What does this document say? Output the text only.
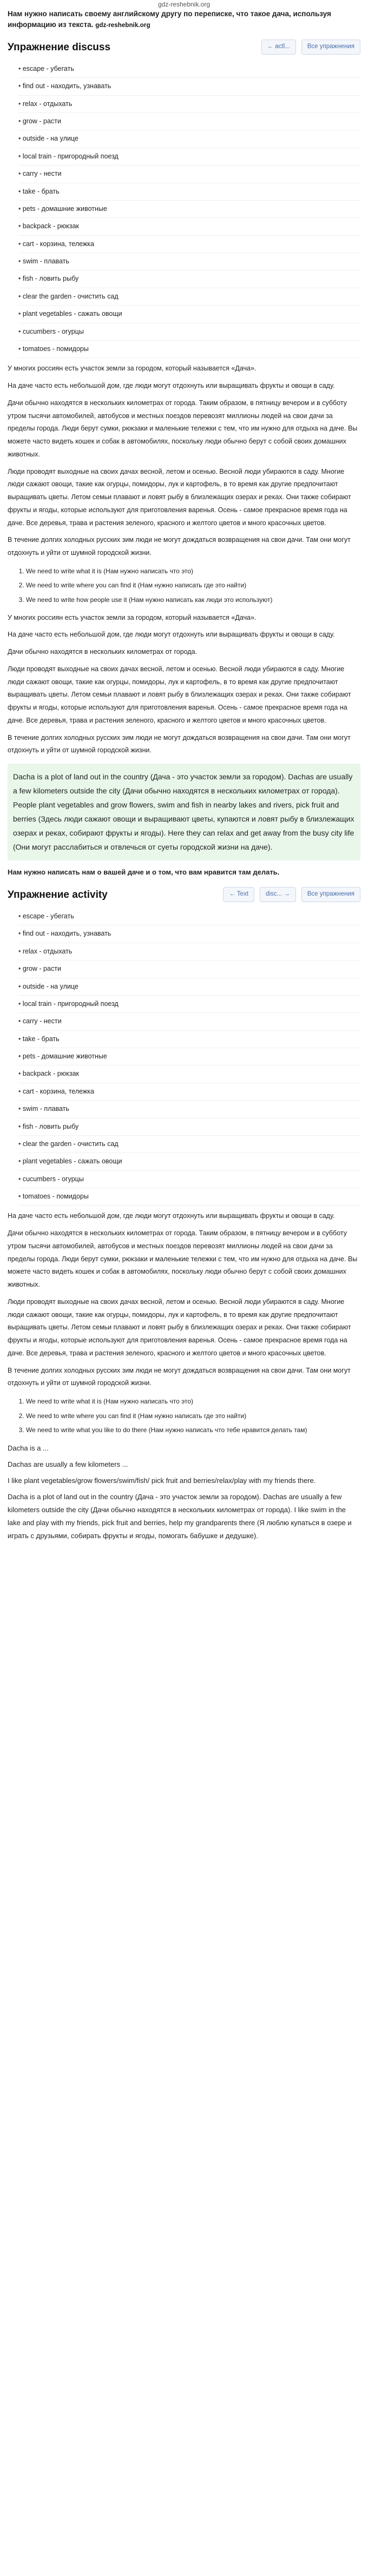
gdz-reshebnik.org

Нам нужно написать своему английскому другу по переписке, что такое дача, используя информацию из текста. gdz-reshebnik.org

Упражнение discuss	← actl...	Все упражнения
• escape - убегать
• find out - находить, узнавать
• relax - отдыхать
• grow - расти
• outside - на улице
• local train - пригородный поезд
• carry - нести
• take - брать
• pets - домашние животные
• backpack - рюкзак
• cart - корзина, тележка
• swim - плавать
• fish - ловить рыбу
• clear the garden - очистить сад
• plant vegetables - сажать овощи
• cucumbers - огурцы
• tomatoes - помидоры

У многих россиян есть участок земли за городом, который называется «Дача».

На даче часто есть небольшой дом, где люди могут отдохнуть или выращивать фрукты и овощи в саду.

Дачи обычно находятся в нескольких километрах от города. Таким образом, в пятницу вечером и в субботу утром тысячи автомобилей, автобусов и местных поездов перевозят миллионы людей на свои дачи за пределы города. Люди берут сумки, рюкзаки и маленькие тележки с тем, что им нужно для отдыха на даче. Вы можете часто видеть кошек и собак в автомобилях, поскольку люди обычно берут с собой своих домашних животных.

Люди проводят выходные на своих дачах весной, летом и осенью. Весной люди убираются в саду. Многие люди сажают овощи, такие как огурцы, помидоры, лук и картофель, в то время как другие предпочитают выращивать цветы. Летом семьи плавают и ловят рыбу в близлежащих озерах и реках. Они также собирают фрукты и ягоды, которые используют для приготовления варенья. Осень - самое прекрасное время года на даче. Все деревья, трава и растения зеленого, красного и желтого цветов и много красочных цветов.

В течение долгих холодных русских зим люди не могут дождаться возвращения на свои дачи. Там они могут отдохнуть и уйти от шумной городской жизни.

1. We need to write what it is (Нам нужно написать что это)
2. We need to write where you can find it (Нам нужно написать где это найти)
3. We need to write how people use it (Нам нужно написать как люди это используют)

У многих россиян есть участок земли за городом, который называется «Дача».

На даче часто есть небольшой дом, где люди могут отдохнуть или выращивать фрукты и овощи в саду.

Дачи обычно находятся в нескольких километрах от города.

Люди проводят выходные на своих дачах весной, летом и осенью. Весной люди убираются в саду. Многие люди сажают овощи, такие как огурцы, помидоры, лук и картофель, в то время как другие предпочитают выращивать цветы. Летом семьи плавают и ловят рыбу в близлежащих озерах и реках. Они также собирают фрукты и ягоды, которые используют для приготовления варенья. Осень - самое прекрасное время года на даче. Все деревья, трава и растения зеленого, красного и желтого цветов и много красочных цветов.

В течение долгих холодных русских зим люди не могут дождаться возвращения на свои дачи. Там они могут отдохнуть и уйти от шумной городской жизни.

Dacha is a plot of land out in the country (Дача - это участок земли за городом). Dachas are usually a few kilometers outside the city (Дачи обычно находятся в нескольких километрах от города). People plant vegetables and grow flowers, swim and fish in nearby lakes and rivers, pick fruit and berries (Здесь люди сажают овощи и выращивают цветы, купаются и ловят рыбу в близлежащих озерах и реках, собирают фрукты и ягоды). Here they can relax and get away from the busy city life (Они могут расслабиться и отвлечься от суеты городской жизни на даче).

Нам нужно написать нам о вашей даче и о том, что вам нравится там делать.

Упражнение activity	← Text	disc... →	Все упражнения
• escape - убегать
• find out - находить, узнавать
• relax - отдыхать
• grow - расти
• outside - на улице
• local train - пригородный поезд
• carry - нести
• take - брать
• pets - домашние животные
• backpack - рюкзак
• cart - корзина, тележка
• swim - плавать
• fish - ловить рыбу
• clear the garden - очистить сад
• plant vegetables - сажать овощи
• cucumbers - огурцы
• tomatoes - помидоры

На даче часто есть небольшой дом, где люди могут отдохнуть или выращивать фрукты и овощи в саду.

Дачи обычно находятся в нескольких километрах от города. Таким образом, в пятницу вечером и в субботу утром тысячи автомобилей, автобусов и местных поездов перевозят миллионы людей на свои дачи за пределы города. Люди берут сумки, рюкзаки и маленькие тележки с тем, что им нужно для отдыха на даче. Вы можете часто видеть кошек и собак в автомобилях, поскольку люди обычно берут с собой своих домашних животных.

Люди проводят выходные на своих дачах весной, летом и осенью. Весной люди убираются в саду. Многие люди сажают овощи, такие как огурцы, помидоры, лук и картофель, в то время как другие предпочитают выращивать цветы. Летом семьи плавают и ловят рыбу в близлежащих озерах и реках. Они также собирают фрукты и ягоды, которые используют для приготовления варенья. Осень - самое прекрасное время года на даче. Все деревья, трава и растения зеленого, красного и желтого цветов и много красочных цветов.

В течение долгих холодных русских зим люди не могут дождаться возвращения на свои дачи. Там они могут отдохнуть и уйти от шумной городской жизни.

1. We need to write what it is (Нам нужно написать что это)
2. We need to write where you can find it (Нам нужно написать где это найти)
3. We need to write what you like to do there (Нам нужно написать что тебе нравится делать там)

Dacha is a ...

Dachas are usually a few kilometers ...

I like plant vegetables/grow flowers/swim/fish/ pick fruit and berries/relax/play with my friends there.

Dacha is a plot of land out in the country (Дача - это участок земли за городом). Dachas are usually a few kilometers outside the city (Дачи обычно находятся в нескольких километрах от города). I like swim in the lake and play with my friends, pick fruit and berries, help my grandparents there (Я люблю купаться в озере и играть с друзьями, собирать фрукты и ягоды, помогать бабушке и дедушке).
